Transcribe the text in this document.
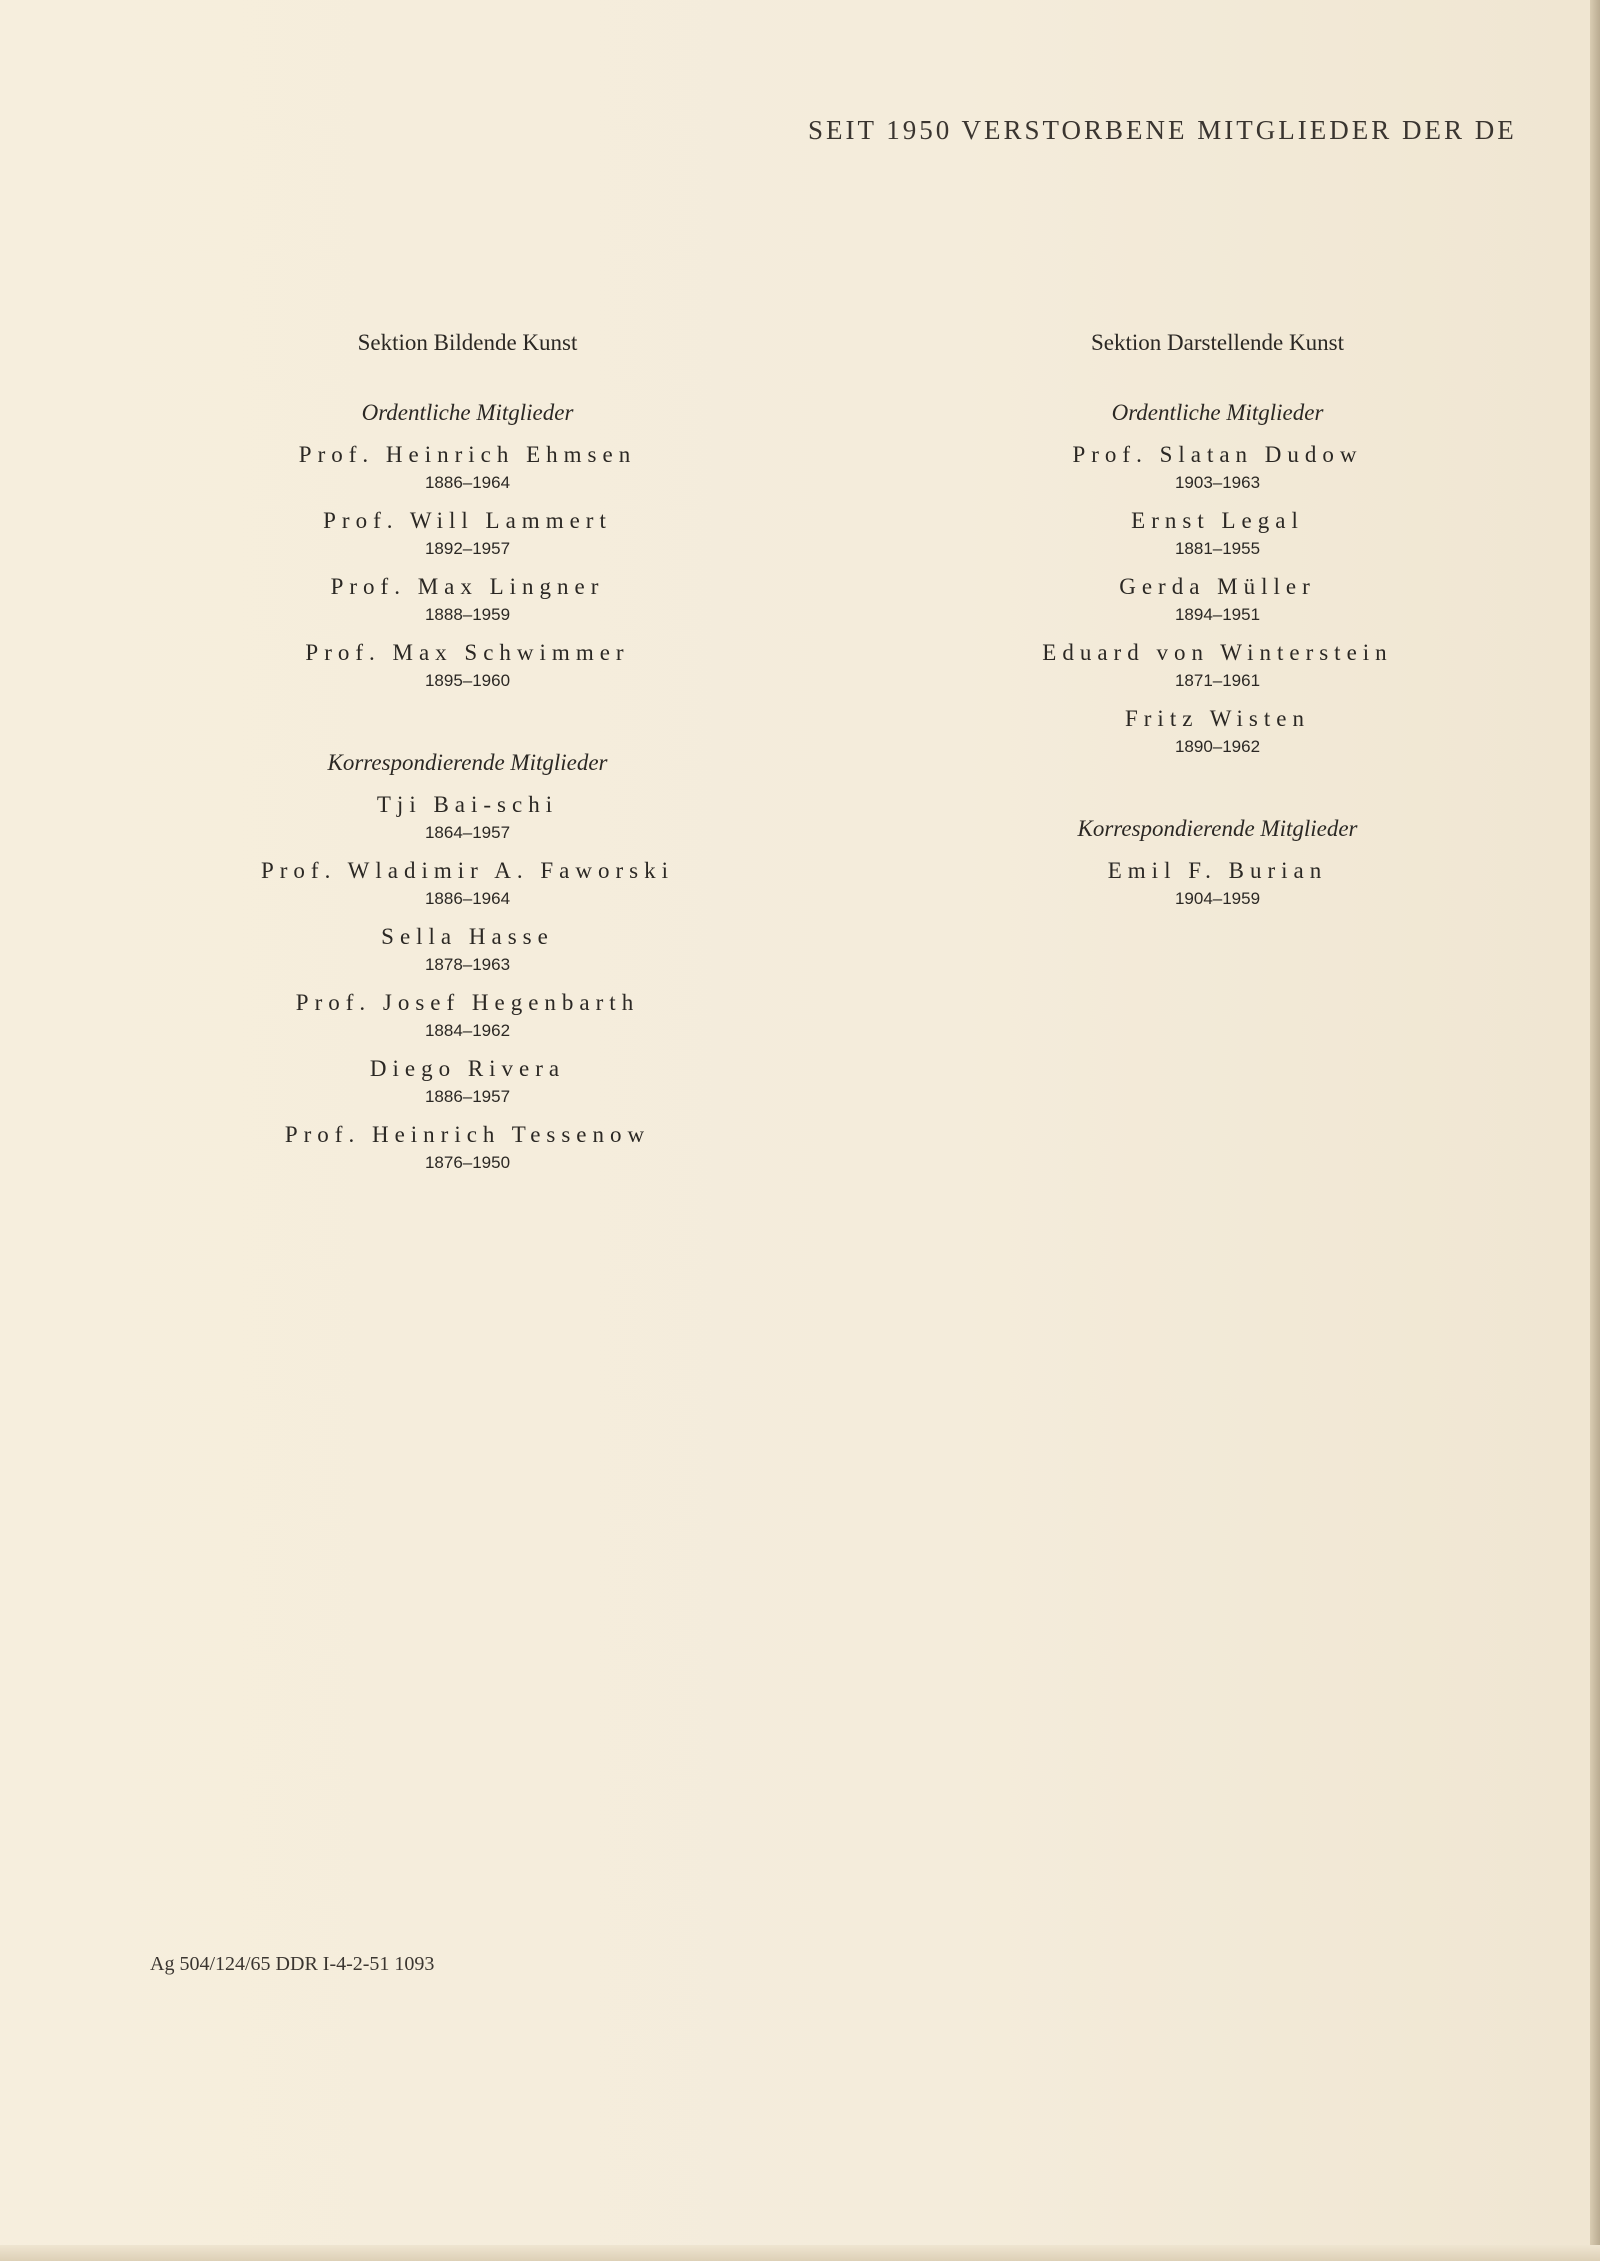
SEIT 1950 VERSTORBENE MITGLIEDER DER DE
Sektion Bildende Kunst
Ordentliche Mitglieder
Prof. Heinrich Ehmsen
1886–1964
Prof. Will Lammert
1892–1957
Prof. Max Lingner
1888–1959
Prof. Max Schwimmer
1895–1960
Korrespondierende Mitglieder
Tji Bai-schi
1864–1957
Prof. Wladimir A. Faworski
1886–1964
Sella Hasse
1878–1963
Prof. Josef Hegenbarth
1884–1962
Diego Rivera
1886–1957
Prof. Heinrich Tessenow
1876–1950
Sektion Darstellende Kunst
Ordentliche Mitglieder
Prof. Slatan Dudow
1903–1963
Ernst Legal
1881–1955
Gerda Müller
1894–1951
Eduard von Winterstein
1871–1961
Fritz Wisten
1890–1962
Korrespondierende Mitglieder
Emil F. Burian
1904–1959
Ag 504/124/65 DDR I-4-2-51 1093
